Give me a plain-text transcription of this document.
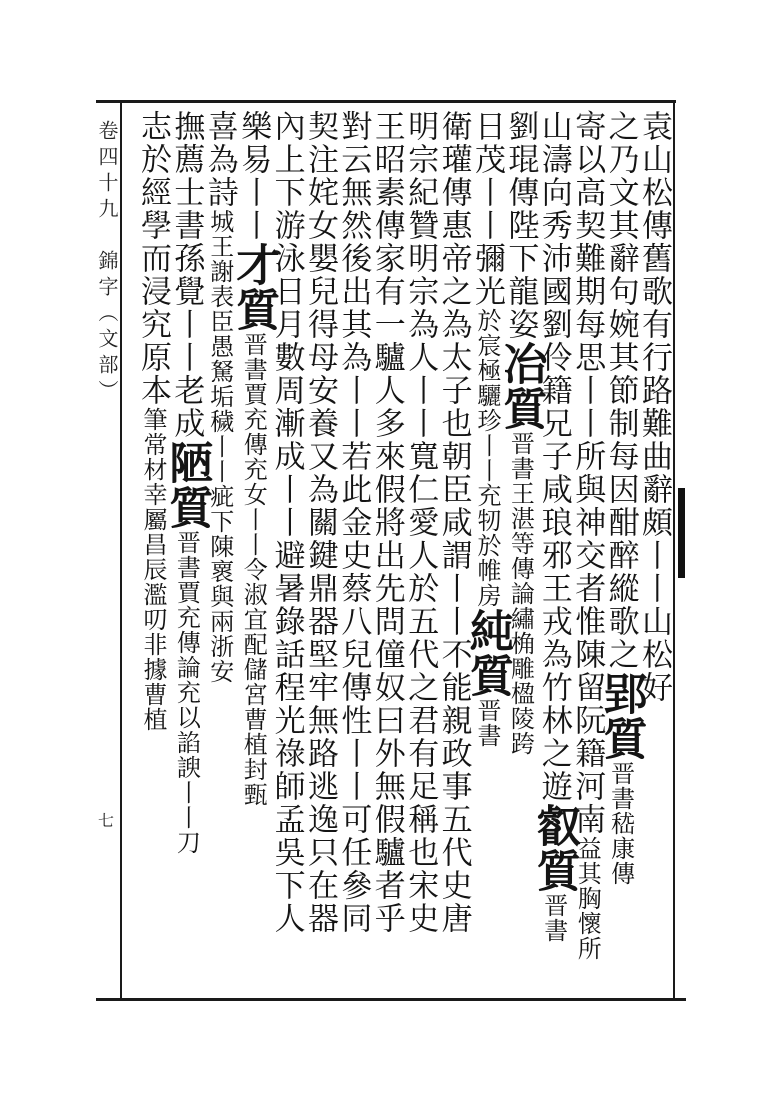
卷四十九　錦字（文部）
七
袁山松傳舊歌有行路難曲辭頗丨丨山松好
之乃文其辭句婉其節制每因酣醉縱歌之郢質晋書嵇康傳
寄以高契難期每思丨丨所與神交者惟陳留阮籍河南益其胸懷所
山濤向秀沛國劉伶籍兄子咸琅邪王戎為竹林之遊叡質晋書
劉琨傳陛下龍姿冶質晋書王湛等傳論繡桷雕楹陵跨
日茂丨丨彌光於宸極驪珍丨丨充牣於帷房純質晋書
衛瓘傳惠帝之為太子也朝臣咸謂丨丨不能親政事五代史唐
明宗紀贊明宗為人丨丨寬仁愛人於五代之君有足稱也宋史
王昭素傳家有一驢人多來假將出先問僮奴曰外無假驢者乎
對云無然後出其為丨丨若此金史蔡八兒傳性丨丨可任參同
契注姹女嬰兒得母安養又為關鍵鼎器堅牢無路逃逸只在器
內上下游泳日月數周漸成丨丨避暑錄話程光祿師孟吳下人
樂易丨丨才質晋書賈充傳充女丨丨令淑宜配儲宮曹植封甄
喜為詩城王謝表臣愚駑垢穢丨丨疵下陳褱與兩浙安
撫薦士書孫覺丨丨老成陋質晋書賈充傳論充以諂諛丨丨刀
志於經學而浸究原本筆常材幸屬昌辰濫叨非據曹植
